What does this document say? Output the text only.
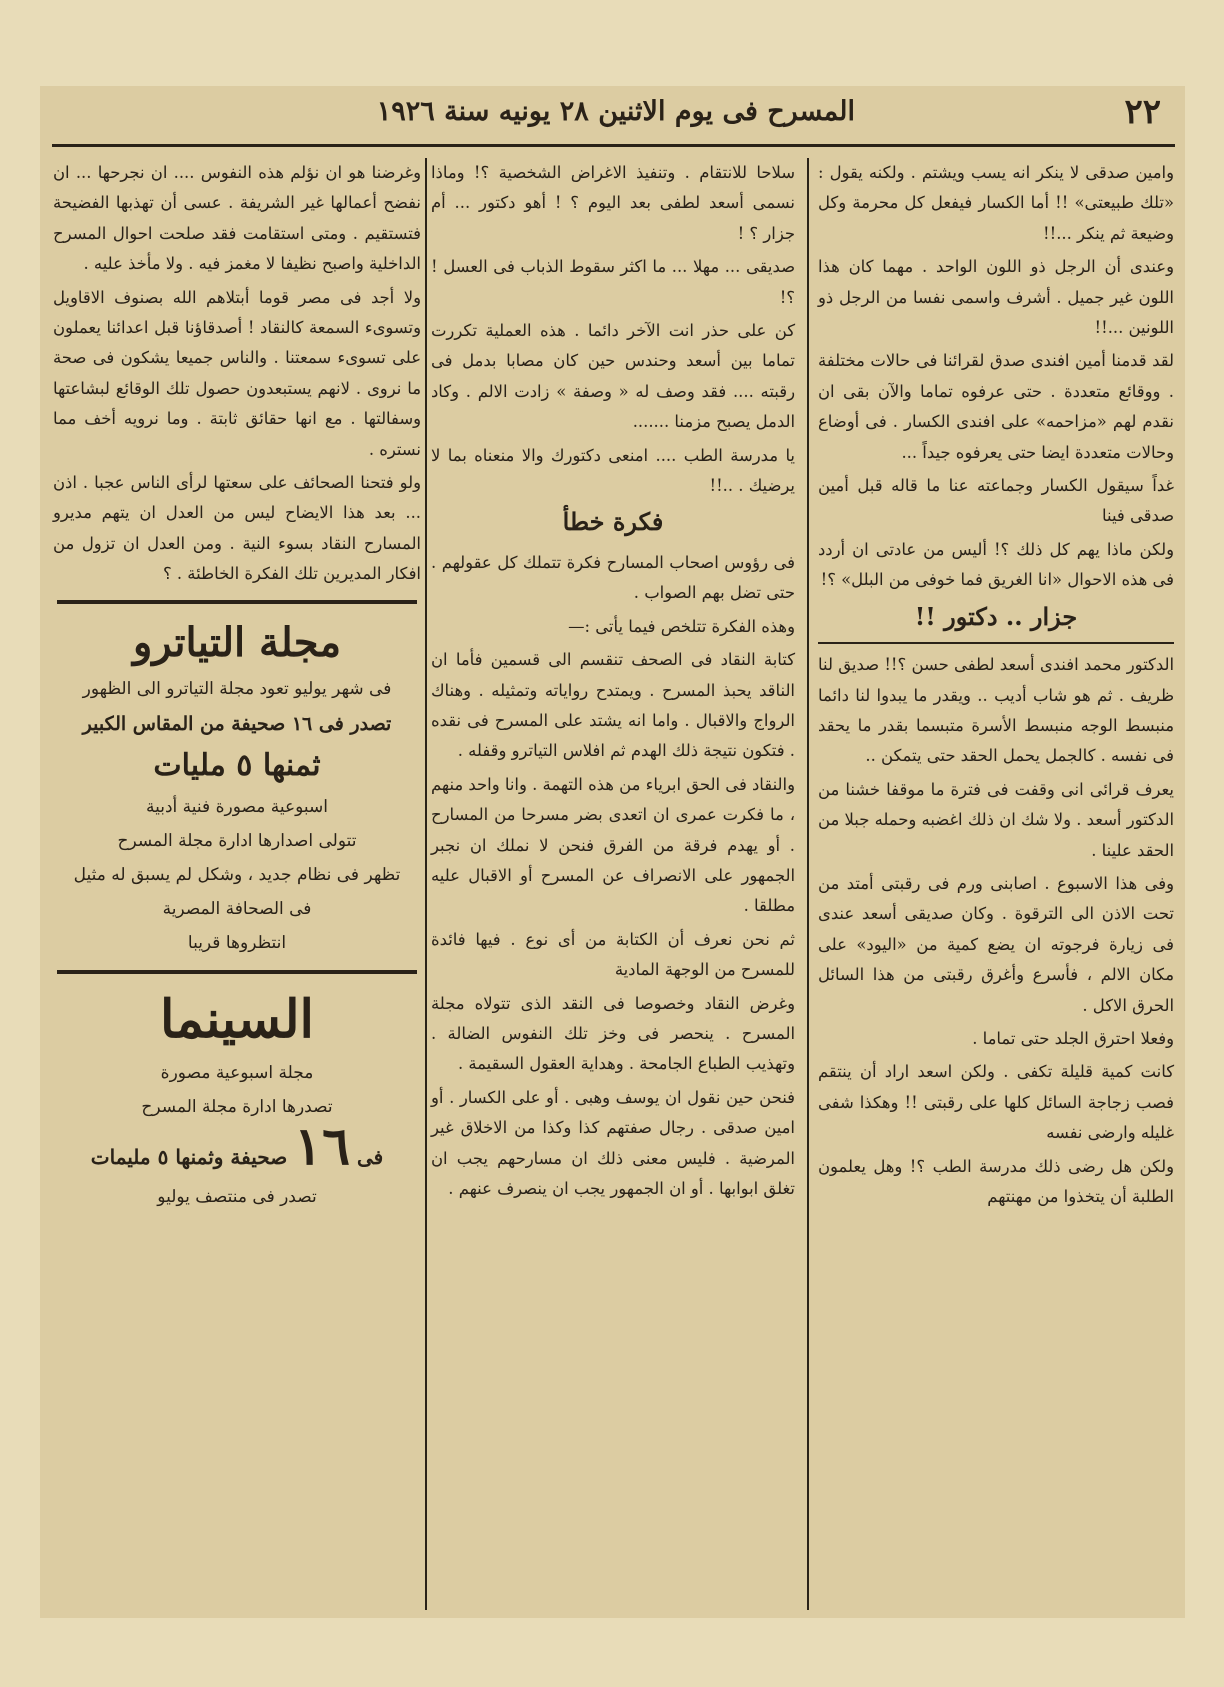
٢٢
المسرح فى يوم الاثنين ٢٨ يونيه سنة ١٩٢٦

وامين صدقى لا ينكر انه يسب ويشتم . ولكنه يقول : «تلك طبيعتى» !! أما الكسار فيفعل كل محرمة وكل وضيعة ثم ينكر ...!!

وعندى أن الرجل ذو اللون الواحد . مهما كان هذا اللون غير جميل . أشرف واسمى نفسا من الرجل ذو اللونين ...!!

لقد قدمنا أمين افندى صدق لقرائنا فى حالات مختلفة . ووقائع متعددة . حتى عرفوه تماما والآن بقى ان نقدم لهم «مزاحمه» على افندى الكسار . فى أوضاع وحالات متعددة ايضا حتى يعرفوه جيداً ...

غداً سيقول الكسار وجماعته عنا ما قاله قبل أمين صدقى فينا

ولكن ماذا يهم كل ذلك ؟! أليس من عادتى ان أردد فى هذه الاحوال «انا الغريق فما خوفى من البلل» ؟!

جزار .. دكتور !!

الدكتور محمد افندى أسعد لطفى حسن ؟!! صديق لنا ظريف . ثم هو شاب أديب .. ويقدر ما يبدوا لنا دائما منبسط الوجه منبسط الأسرة متبسما بقدر ما يحقد فى نفسه . كالجمل يحمل الحقد حتى يتمكن ..

يعرف قرائى انى وقفت فى فترة ما موقفا خشنا من الدكتور أسعد . ولا شك ان ذلك اغضبه وحمله جبلا من الحقد علينا .

وفى هذا الاسبوع . اصابنى ورم فى رقبتى أمتد من تحت الاذن الى الترقوة . وكان صديقى أسعد عندى فى زيارة فرجوته ان يضع كمية من «اليود» على مكان الالم ، فأسرع وأغرق رقبتى من هذا السائل الحرق الاكل .

وفعلا احترق الجلد حتى تماما .

كانت كمية قليلة تكفى . ولكن اسعد اراد أن ينتقم فصب زجاجة السائل كلها على رقبتى !! وهكذا شفى غليله وارضى نفسه

ولكن هل رضى ذلك مدرسة الطب ؟! وهل يعلمون الطلبة أن يتخذوا من مهنتهم

سلاحا للانتقام . وتنفيذ الاغراض الشخصية ؟! وماذا نسمى أسعد لطفى بعد اليوم ؟ ! أهو دكتور ... أم جزار ؟ !

صديقى ... مهلا ... ما اكثر سقوط الذباب فى العسل ! ؟!

كن على حذر انت الآخر دائما . هذه العملية تكررت تماما بين أسعد وحندس حين كان مصابا بدمل فى رقبته .... فقد وصف له « وصفة » زادت الالم . وكاد الدمل يصبح مزمنا .......

يا مدرسة الطب .... امنعى دكتورك والا منعناه بما لا يرضيك . ..!!

فكرة خطأ

فى رؤوس اصحاب المسارح فكرة تتملك كل عقولهم . حتى تضل بهم الصواب .

وهذه الفكرة تتلخص فيما يأتى :—

كتابة النقاد فى الصحف تنقسم الى قسمين فأما ان الناقد يحبذ المسرح . ويمتدح رواياته وتمثيله . وهناك الرواج والاقبال . واما انه يشتد على المسرح فى نقده . فتكون نتيجة ذلك الهدم ثم افلاس التياترو وقفله .

والنقاد فى الحق ابرياء من هذه التهمة . وانا واحد منهم ، ما فكرت عمرى ان اتعدى بضر مسرحا من المسارح . أو يهدم فرقة من الفرق فنحن لا نملك ان نجبر الجمهور على الانصراف عن المسرح أو الاقبال عليه مطلقا .

ثم نحن نعرف أن الكتابة من أى نوع . فيها فائدة للمسرح من الوجهة المادية

وغرض النقاد وخصوصا فى النقد الذى تتولاه مجلة المسرح . ينحصر فى وخز تلك النفوس الضالة . وتهذيب الطباع الجامحة . وهداية العقول السقيمة .

فنحن حين نقول ان يوسف وهبى . أو على الكسار . أو امين صدقى . رجال صفتهم كذا وكذا من الاخلاق غير المرضية . فليس معنى ذلك ان مسارحهم يجب ان تغلق ابوابها . أو ان الجمهور يجب ان ينصرف عنهم .

وغرضنا هو ان نؤلم هذه النفوس .... ان نجرحها ... ان نفضح أعمالها غير الشريفة . عسى أن تهذبها الفضيحة فتستقيم . ومتى استقامت فقد صلحت احوال المسرح الداخلية واصبح نظيفا لا مغمز فيه . ولا مأخذ عليه .

ولا أجد فى مصر قوما أبتلاهم الله بصنوف الاقاويل وتسوىء السمعة كالنقاد ! أصدقاؤنا قبل اعدائنا يعملون على تسوىء سمعتنا . والناس جميعا يشكون فى صحة ما نروى . لانهم يستبعدون حصول تلك الوقائع لبشاعتها وسفالتها . مع انها حقائق ثابتة . وما نرويه أخف مما نستره .

ولو فتحنا الصحائف على سعتها لرأى الناس عجبا . اذن ... بعد هذا الايضاح ليس من العدل ان يتهم مديرو المسارح النقاد بسوء النية . ومن العدل ان تزول من افكار المديرين تلك الفكرة الخاطئة . ؟

مجلة التياترو
فى شهر يوليو تعود مجلة التياترو الى الظهور
تصدر فى ١٦ صحيفة من المقاس الكبير
ثمنها ٥ مليات
اسبوعية مصورة فنية أدبية
تتولى اصدارها ادارة مجلة المسرح
تظهر فى نظام جديد ، وشكل لم يسبق له مثيل
فى الصحافة المصرية
انتظروها قريبا
السينما
مجلة اسبوعية مصورة
تصدرها ادارة مجلة المسرح
فى ١٦ صحيفة وثمنها ٥ مليمات
تصدر فى منتصف يوليو
